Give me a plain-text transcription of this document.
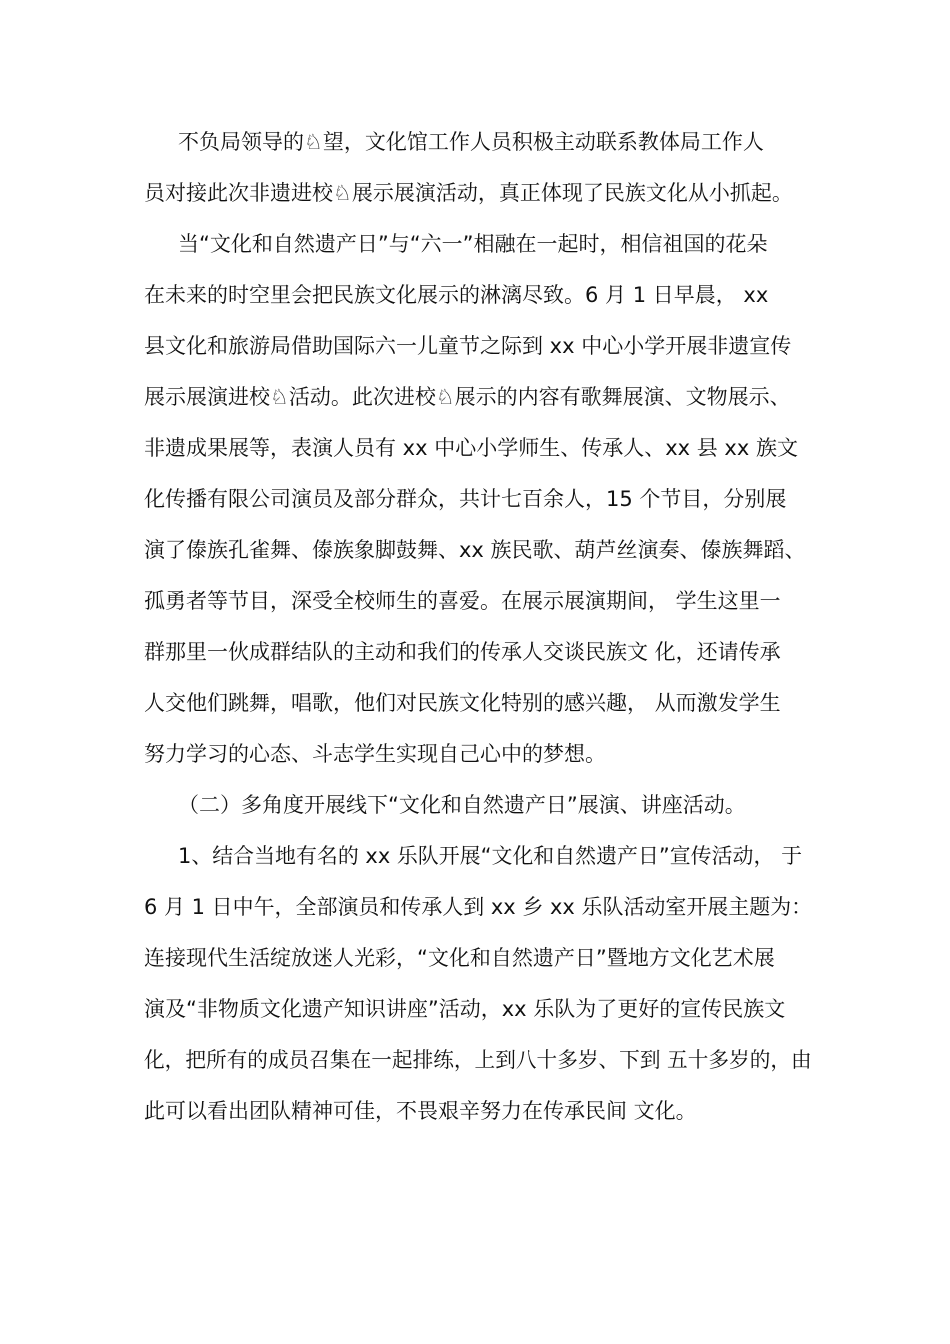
不负局领导的♘望，文化馆工作人员积极主动联系教体局工作人
员对接此次非遗进校♘展示展演活动，真正体现了民族文化从小抓起。
当“文化和自然遗产日”与“六一”相融在一起时，相信祖国的花朵
在未来的时空里会把民族文化展示的淋漓尽致。6 月 1 日早晨， xx
县文化和旅游局借助国际六一儿童节之际到 xx 中心小学开展非遗宣传
展示展演进校♘活动。此次进校♘展示的内容有歌舞展演、文物展示、
非遗成果展等，表演人员有 xx 中心小学师生、传承人、xx 县 xx 族文
化传播有限公司演员及部分群众，共计七百余人，15 个节目，分别展
演了傣族孔雀舞、傣族象脚鼓舞、xx 族民歌、葫芦丝演奏、傣族舞蹈、
孤勇者等节目，深受全校师生的喜爱。在展示展演期间， 学生这里一
群那里一伙成群结队的主动和我们的传承人交谈民族文 化，还请传承
人交他们跳舞，唱歌，他们对民族文化特别的感兴趣， 从而激发学生
努力学习的心态、斗志学生实现自己心中的梦想。
（二）多角度开展线下“文化和自然遗产日”展演、讲座活动。
1、结合当地有名的 xx 乐队开展“文化和自然遗产日”宣传活动， 于
6 月 1 日中午，全部演员和传承人到 xx 乡 xx 乐队活动室开展主题为：
连接现代生活绽放迷人光彩，“文化和自然遗产日”暨地方文化艺术展
演及“非物质文化遗产知识讲座”活动，xx 乐队为了更好的宣传民族文
化，把所有的成员召集在一起排练，上到八十多岁、下到 五十多岁的，由
此可以看出团队精神可佳，不畏艰辛努力在传承民间 文化。
